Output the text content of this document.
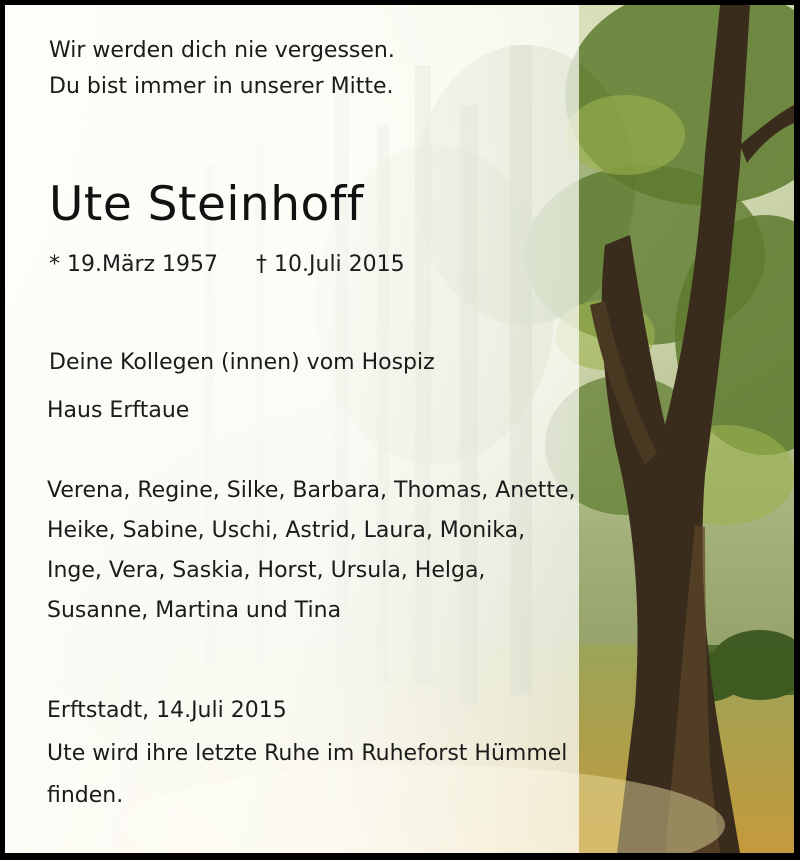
Wir werden dich nie vergessen.
Du bist immer in unserer Mitte.
Ute Steinhoff
* 19.März 1957 † 10.Juli 2015
Deine Kollegen (innen) vom Hospiz
Haus Erftaue
Verena, Regine, Silke, Barbara, Thomas, Anette,
Heike, Sabine, Uschi, Astrid, Laura, Monika,
Inge, Vera, Saskia, Horst, Ursula, Helga,
Susanne, Martina und Tina
Erftstadt, 14.Juli 2015
Ute wird ihre letzte Ruhe im Ruheforst Hümmel
finden.
